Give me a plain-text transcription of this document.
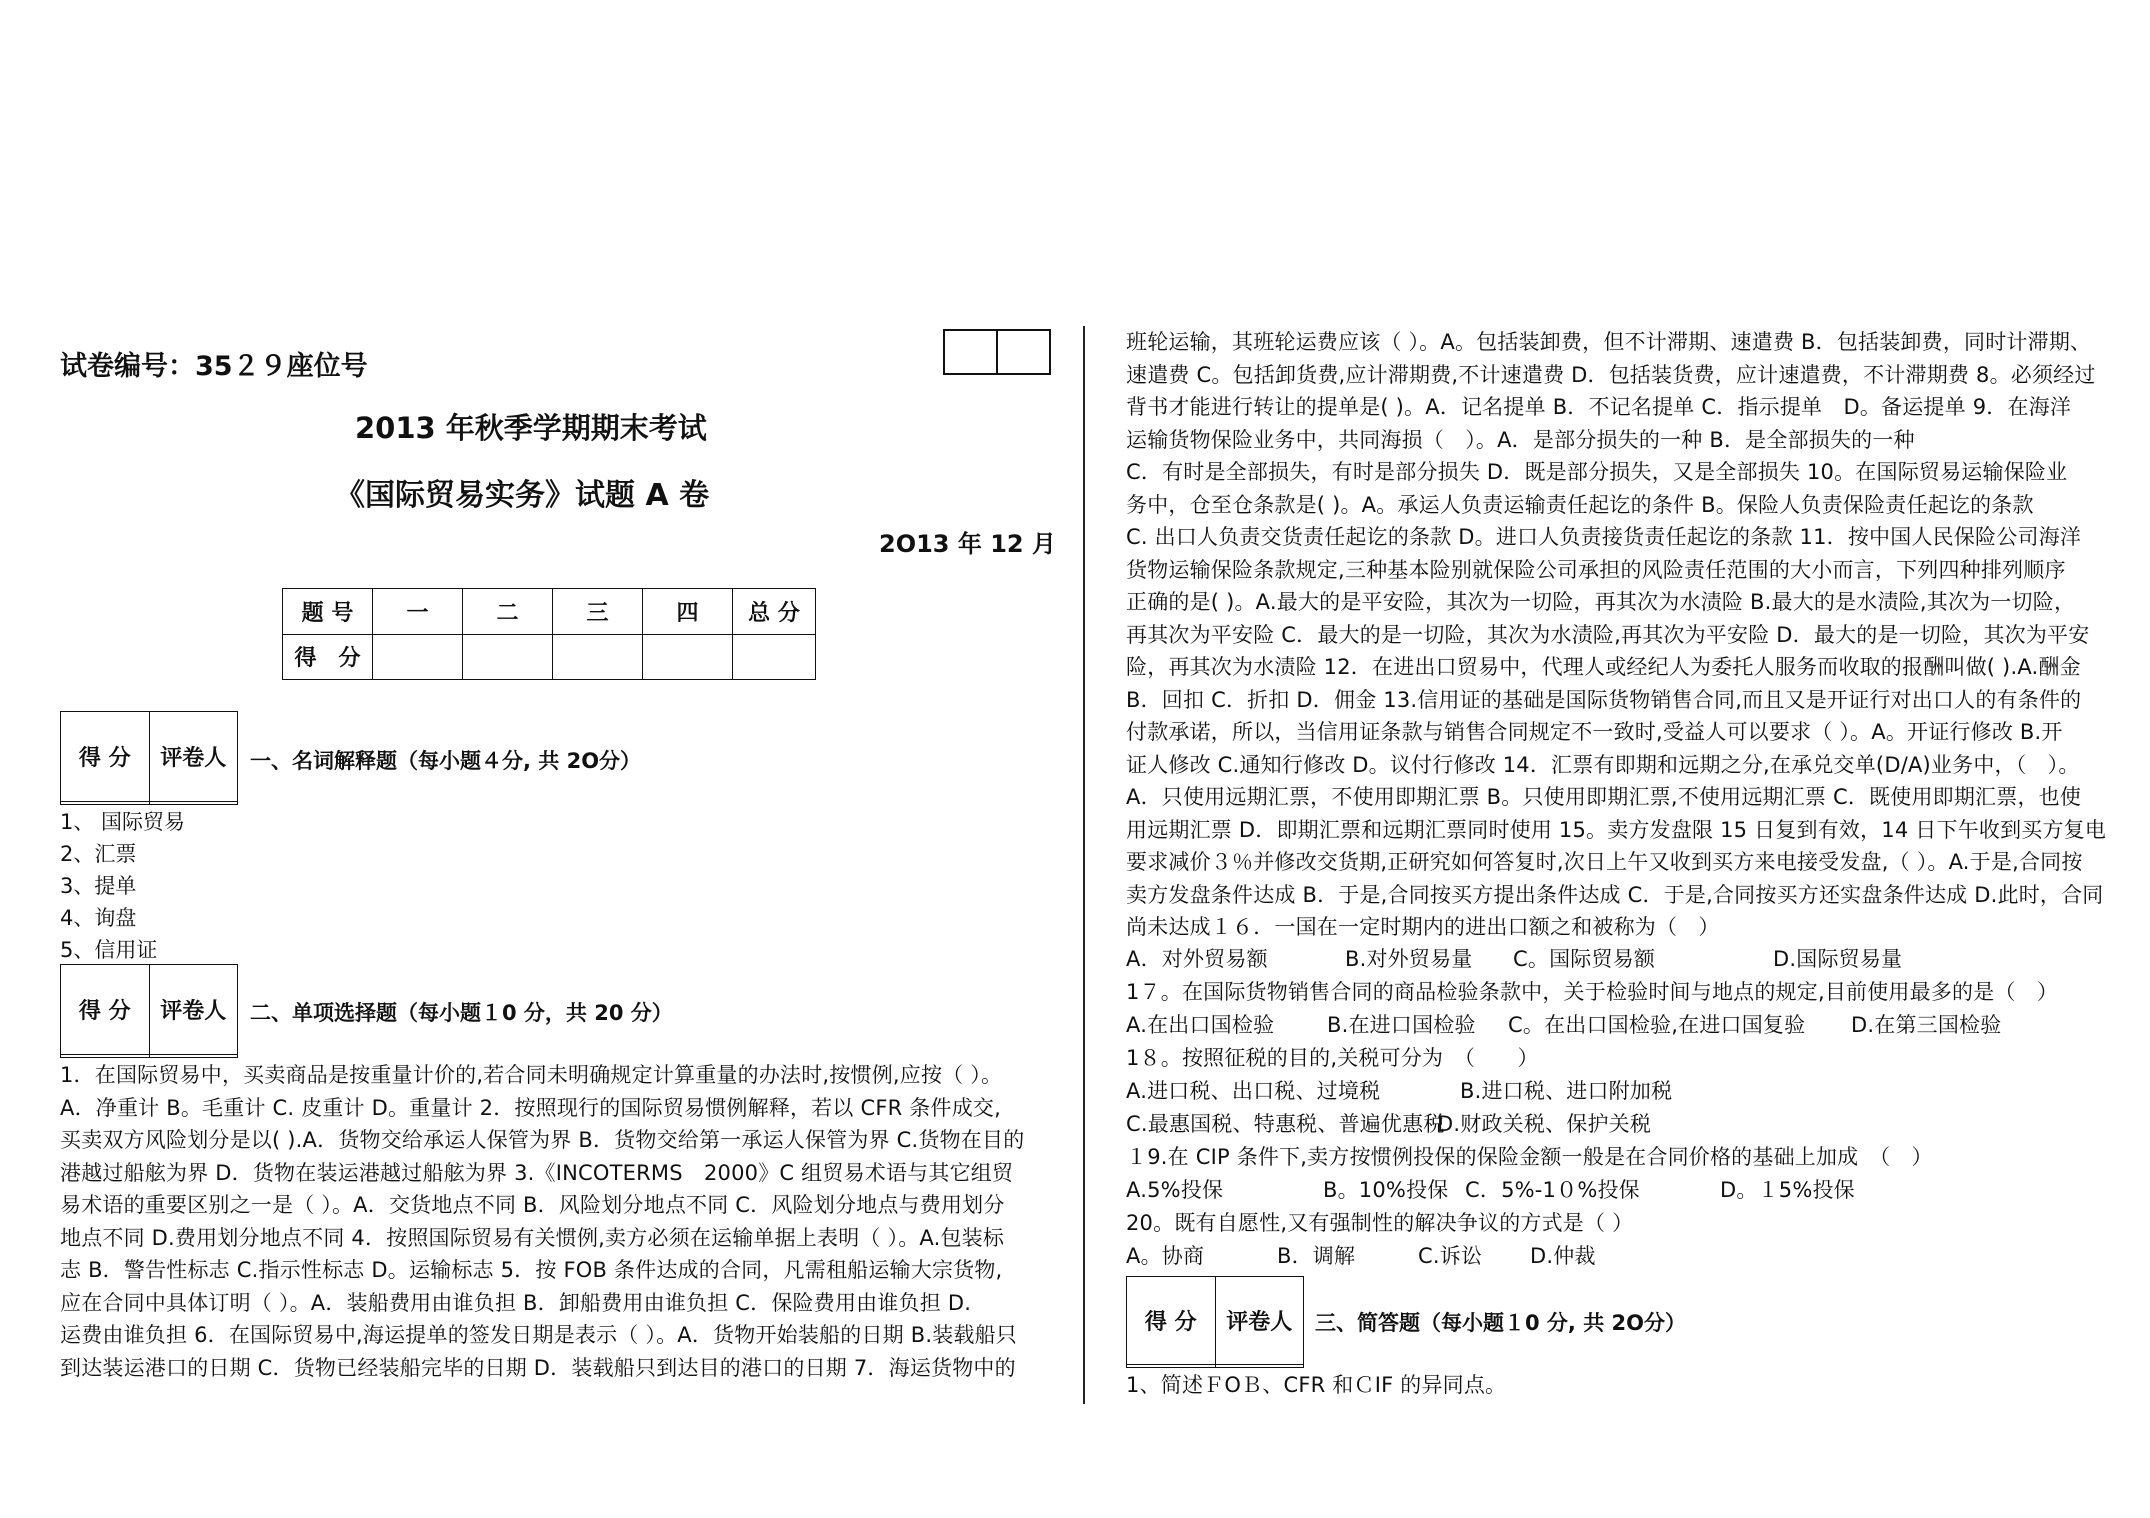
试卷编号：35２９座位号

2013 年秋季学期期末考试
《国际贸易实务》试题 A 卷
2O13 年 12 月
题 号	一	二	三	四	总 分
得　分					
得 分	评卷人
	一、名词解释题（每小题４分, 共 2O分）
1、 国际贸易
2、汇票
3、提单
4、询盘
5、信用证
得 分	评卷人
	二、单项选择题（每小题１0 分，共 20 分）
1．在国际贸易中，买卖商品是按重量计价的,若合同未明确规定计算重量的办法时,按惯例,应按（ ）。
A．净重计 B。毛重计 C. 皮重计 D。重量计 2．按照现行的国际贸易惯例解释，若以 CFR 条件成交,
买卖双方风险划分是以( ).A．货物交给承运人保管为界 B．货物交给第一承运人保管为界 C.货物在目的
港越过船舷为界 D．货物在装运港越过船舷为界 3.《INCOTERMS　2000》C 组贸易术语与其它组贸
易术语的重要区别之一是（ ）。A．交货地点不同 B．风险划分地点不同 C．风险划分地点与费用划分
地点不同 D.费用划分地点不同 4．按照国际贸易有关惯例,卖方必须在运输单据上表明（ ）。A.包装标
志 B．警告性标志 C.指示性标志 D。运输标志 5．按 FOB 条件达成的合同，凡需租船运输大宗货物,
应在合同中具体订明（ ）。A．装船费用由谁负担 B．卸船费用由谁负担 C．保险费用由谁负担 D.
运费由谁负担 6．在国际贸易中,海运提单的签发日期是表示（ ）。A．货物开始装船的日期 B.装载船只
到达装运港口的日期 C．货物已经装船完毕的日期 D．装载船只到达目的港口的日期 7．海运货物中的
班轮运输，其班轮运费应该（ ）。A。包括装卸费，但不计滞期、速遣费 B．包括装卸费，同时计滞期、
速遣费 C。包括卸货费,应计滞期费,不计速遣费 D．包括装货费，应计速遣费，不计滞期费 8。必须经过
背书才能进行转让的提单是( )。A．记名提单 B．不记名提单 C．指示提单　D。备运提单 9．在海洋
运输货物保险业务中，共同海损（　）。A．是部分损失的一种 B．是全部损失的一种
C．有时是全部损失，有时是部分损失 D．既是部分损失，又是全部损失 10。在国际贸易运输保险业
务中，仓至仓条款是( )。A。承运人负责运输责任起讫的条件 B。保险人负责保险责任起讫的条款
C. 出口人负责交货责任起讫的条款 D。进口人负责接货责任起讫的条款 11．按中国人民保险公司海洋
货物运输保险条款规定,三种基本险别就保险公司承担的风险责任范围的大小而言，下列四种排列顺序
正确的是( )。A.最大的是平安险，其次为一切险，再其次为水渍险 B.最大的是水渍险,其次为一切险，
再其次为平安险 C．最大的是一切险，其次为水渍险,再其次为平安险 D．最大的是一切险，其次为平安
险，再其次为水渍险 12．在进出口贸易中，代理人或经纪人为委托人服务而收取的报酬叫做( ).A.酬金
B．回扣 C．折扣 D．佣金 13.信用证的基础是国际货物销售合同,而且又是开证行对出口人的有条件的
付款承诺，所以，当信用证条款与销售合同规定不一致时,受益人可以要求（ ）。A。开证行修改 B.开
证人修改 C.通知行修改 D。议付行修改 14．汇票有即期和远期之分,在承兑交单(D/A)业务中，（　）。
A．只使用远期汇票，不使用即期汇票 B。只使用即期汇票,不使用远期汇票 C．既使用即期汇票，也使
用远期汇票 D．即期汇票和远期汇票同时使用 15。卖方发盘限 15 日复到有效，14 日下午收到买方复电
要求减价３％并修改交货期,正研究如何答复时,次日上午又收到买方来电接受发盘,（ ）。A.于是,合同按
卖方发盘条件达成 B．于是,合同按买方提出条件达成 C．于是,合同按买方还实盘条件达成 D.此时，合同
尚未达成１６．一国在一定时期内的进出口额之和被称为（　）
A．对外贸易额	B.对外贸易量 C。国际贸易额	D.国际贸易量
1７。在国际货物销售合同的商品检验条款中，关于检验时间与地点的规定,目前使用最多的是（　）
A.在出口国检验	B.在进口国检验 C。在出口国检验,在进口国复验 D.在第三国检验
1８。按照征税的目的,关税可分为　（　　）
A.进口税、出口税、过境税	B.进口税、进口附加税
C.最惠国税、特惠税、普遍优惠税
D.财政关税、保护关税
１9.在 CIP 条件下,卖方按惯例投保的保险金额一般是在合同价格的基础上加成　（　）
A.5%投保	B。10%投保 C．5%-1０%投保	D。１5%投保
20。既有自愿性,又有强制性的解决争议的方式是（ ）
A。协商	B．调解	C.诉讼 D.仲裁
得 分	评卷人
	三、简答题（每小题１0 分, 共 2O分）
1、简述ＦOＢ、CFR 和ＣIF 的异同点。
